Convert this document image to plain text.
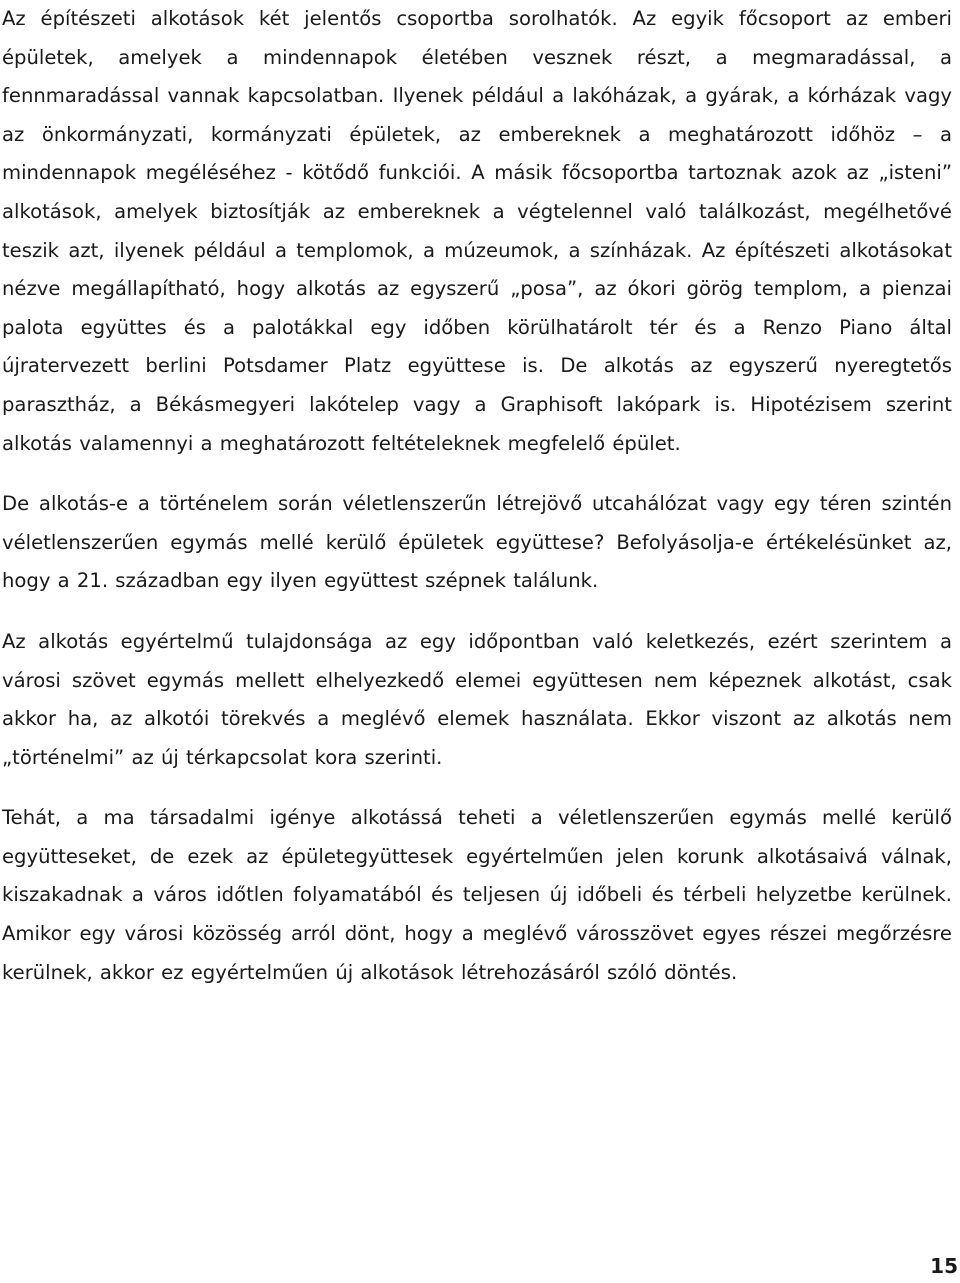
Az építészeti alkotások két jelentős csoportba sorolhatók. Az egyik főcsoport az emberi épületek, amelyek a mindennapok életében vesznek részt, a megmaradással, a fennmaradással vannak kapcsolatban. Ilyenek például a lakóházak, a gyárak, a kórházak vagy az önkormányzati, kormányzati épületek, az embereknek a meghatározott időhöz – a mindennapok megéléséhez - kötődő funkciói. A másik főcsoportba tartoznak azok az „isteni” alkotások, amelyek biztosítják az embereknek a végtelennel való találkozást, megélhetővé teszik azt, ilyenek például a templomok, a múzeumok, a színházak. Az építészeti alkotásokat nézve megállapítható, hogy alkotás az egyszerű „posa”, az ókori görög templom, a pienzai palota együttes és a palotákkal egy időben körülhatárolt tér és a Renzo Piano által újratervezett berlini Potsdamer Platz együttese is. De alkotás az egyszerű nyeregtetős parasztház, a Békásmegyeri lakótelep vagy a Graphisoft lakópark is. Hipotézisem szerint alkotás valamennyi a meghatározott feltételeknek megfelelő épület.

De alkotás-e a történelem során véletlenszerűn létrejövő utcahálózat vagy egy téren szintén véletlenszerűen egymás mellé kerülő épületek együttese? Befolyásolja-e értékelésünket az, hogy a 21. században egy ilyen együttest szépnek találunk.

Az alkotás egyértelmű tulajdonsága az egy időpontban való keletkezés, ezért szerintem a városi szövet egymás mellett elhelyezkedő elemei együttesen nem képeznek alkotást, csak akkor ha, az alkotói törekvés a meglévő elemek használata. Ekkor viszont az alkotás nem „történelmi” az új térkapcsolat kora szerinti.

Tehát, a ma társadalmi igénye alkotássá teheti a véletlenszerűen egymás mellé kerülő együtteseket, de ezek az épületegyüttesek egyértelműen jelen korunk alkotásaivá válnak, kiszakadnak a város időtlen folyamatából és teljesen új időbeli és térbeli helyzetbe kerülnek. Amikor egy városi közösség arról dönt, hogy a meglévő városszövet egyes részei megőrzésre kerülnek, akkor ez egyértelműen új alkotások létrehozásáról szóló döntés.

15
